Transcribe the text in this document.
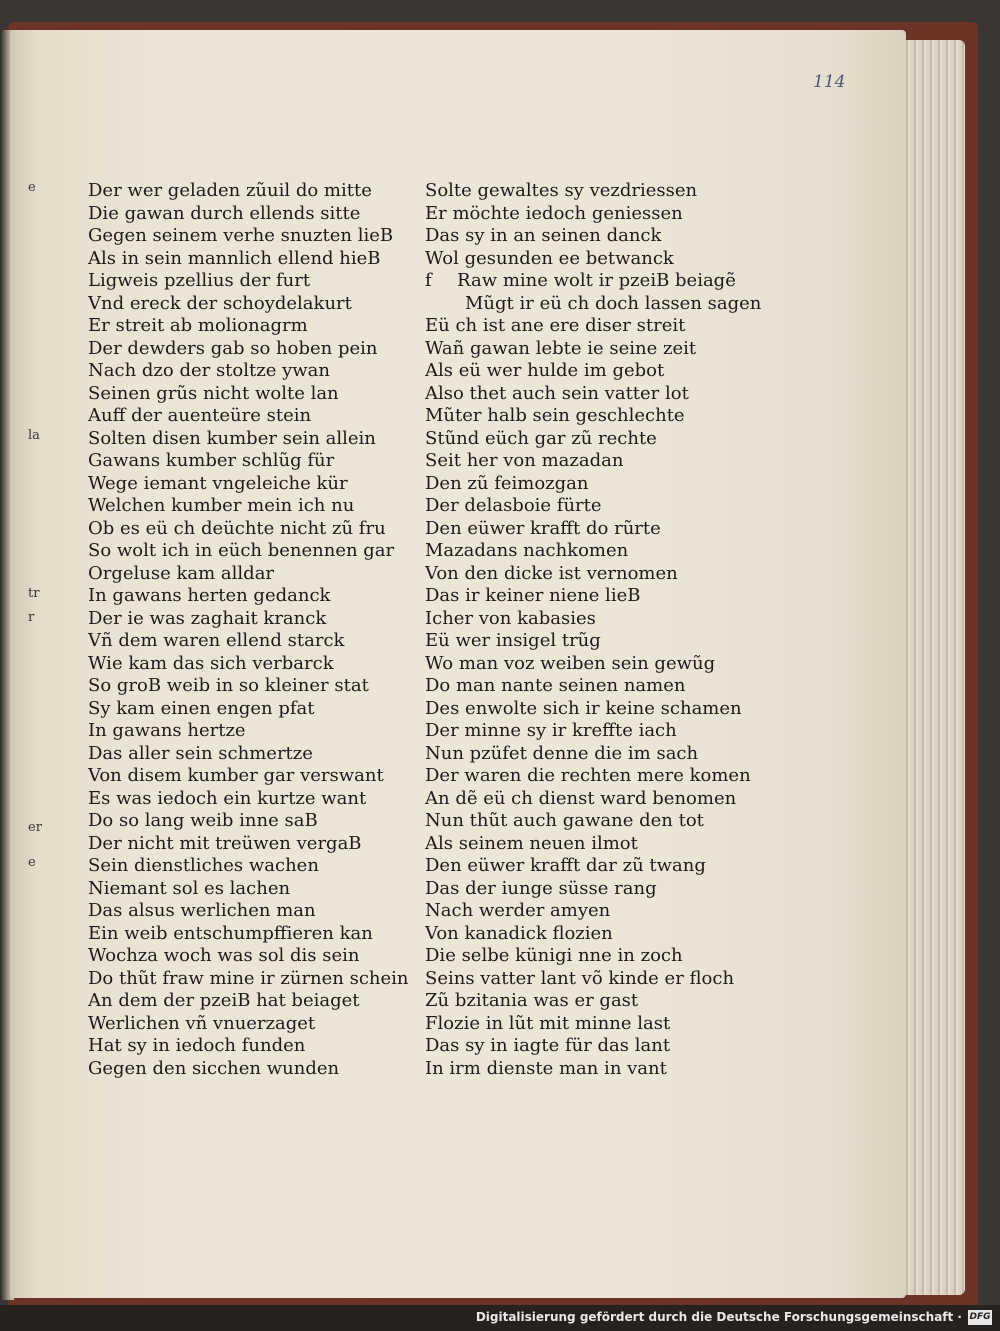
114
e
la
tr
r
er
e
Der wer geladen zũuil do mitte
Die gawan durch ellends sitte
Gegen seinem verhe snuzten lieB
Als in sein mannlich ellend hieB
Ligweis pzellius der furt
Vnd ereck der schoydelakurt
Er streit ab molionagrm
Der dewders gab so hoben pein
Nach dzo der stoltze ywan
Seinen grũs nicht wolte lan
Auff der auenteüre stein
Solten disen kumber sein allein
Gawans kumber schlũg für
Wege iemant vngeleiche kür
Welchen kumber mein ich nu
Ob es eü ch deüchte nicht zũ fru
So wolt ich in eüch benennen gar
Orgeluse kam alldar
In gawans herten gedanck
Der ie was zaghait kranck
Vñ dem waren ellend starck
Wie kam das sich verbarck
So groB weib in so kleiner stat
Sy kam einen engen pfat
In gawans hertze
Das aller sein schmertze
Von disem kumber gar verswant
Es was iedoch ein kurtze want
Do so lang weib inne saB
Der nicht mit treüwen vergaB
Sein dienstliches wachen
Niemant sol es lachen
Das alsus werlichen man
Ein weib entschumpffieren kan
Wochza woch was sol dis sein
Do thũt fraw mine ir zürnen schein
An dem der pzeiB hat beiaget
Werlichen vñ vnuerzaget
Hat sy in iedoch funden
Gegen den sicchen wunden
Solte gewaltes sy vezdriessen
Er möchte iedoch geniessen
Das sy in an seinen danck
Wol gesunden ee betwanck
f Raw mine wolt ir pzeiB beiagẽ
Mũgt ir eü ch doch lassen sagen
Eü ch ist ane ere diser streit
Wañ gawan lebte ie seine zeit
Als eü wer hulde im gebot
Also thet auch sein vatter lot
Mũter halb sein geschlechte
Stũnd eüch gar zũ rechte
Seit her von mazadan
Den zũ feimozgan
Der delasboie fürte
Den eüwer krafft do rũrte
Mazadans nachkomen
Von den dicke ist vernomen
Das ir keiner niene lieB
Icher von kabasies
Eü wer insigel trũg
Wo man voz weiben sein gewũg
Do man nante seinen namen
Des enwolte sich ir keine schamen
Der minne sy ir kreffte iach
Nun pzüfet denne die im sach
Der waren die rechten mere komen
An dẽ eü ch dienst ward benomen
Nun thũt auch gawane den tot
Als seinem neuen ilmot
Den eüwer krafft dar zũ twang
Das der iunge süsse rang
Nach werder amyen
Von kanadick flozien
Die selbe künigi nne in zoch
Seins vatter lant võ kinde er floch
Zũ bzitania was er gast
Flozie in lũt mit minne last
Das sy in iagte für das lant
In irm dienste man in vant
Digitalisierung gefördert durch die Deutsche Forschungsgemeinschaft · DFG
